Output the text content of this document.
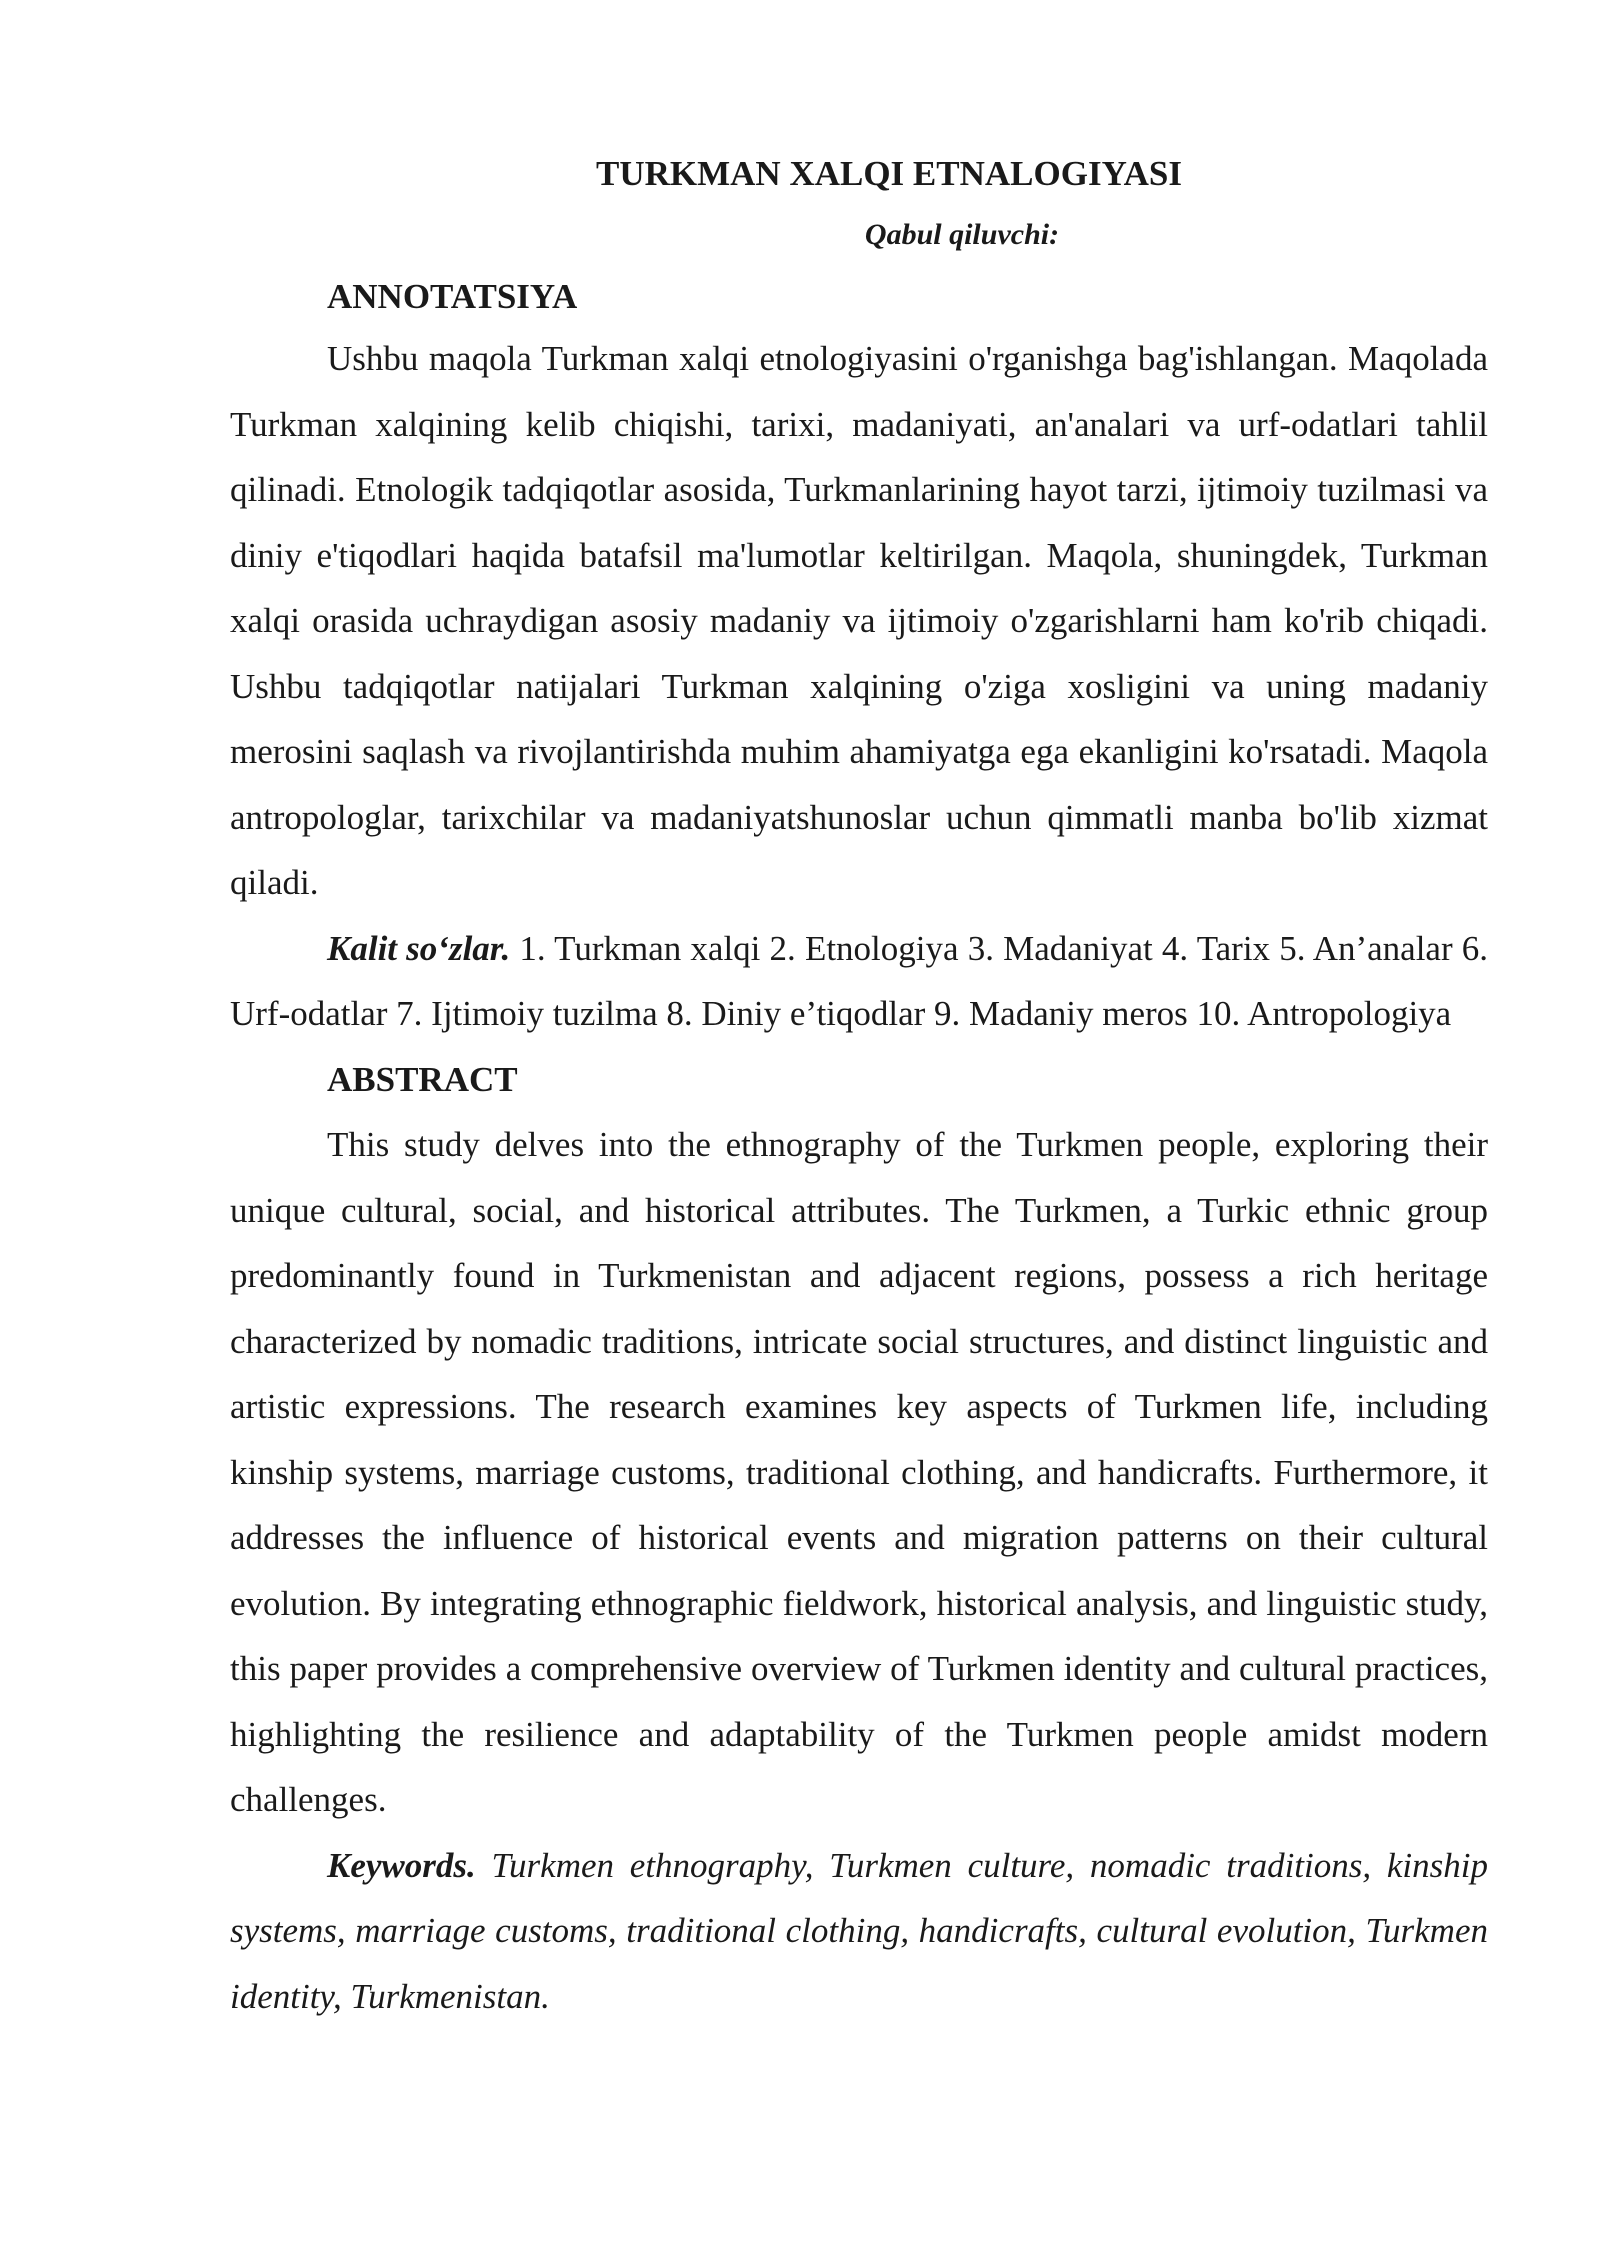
TURKMAN XALQI ETNALOGIYASI

Qabul qiluvchi:

ANNOTATSIYA

Ushbu maqola Turkman xalqi etnologiyasini o'rganishga bag'ishlangan. Maqolada Turkman xalqining kelib chiqishi, tarixi, madaniyati, an'analari va urf-odatlari tahlil qilinadi. Etnologik tadqiqotlar asosida, Turkmanlarining hayot tarzi, ijtimoiy tuzilmasi va diniy e'tiqodlari haqida batafsil ma'lumotlar keltirilgan. Maqola, shuningdek, Turkman xalqi orasida uchraydigan asosiy madaniy va ijtimoiy o'zgarishlarni ham ko'rib chiqadi. Ushbu tadqiqotlar natijalari Turkman xalqining o'ziga xosligini va uning madaniy merosini saqlash va rivojlantirishda muhim ahamiyatga ega ekanligini ko'rsatadi. Maqola antropologlar, tarixchilar va madaniyatshunoslar uchun qimmatli manba bo'lib xizmat qiladi.

Kalit so‘zlar. 1. Turkman xalqi 2. Etnologiya 3. Madaniyat 4. Tarix 5. An’analar 6. Urf-odatlar 7. Ijtimoiy tuzilma 8. Diniy e’tiqodlar 9. Madaniy meros 10. Antropologiya

ABSTRACT

This study delves into the ethnography of the Turkmen people, exploring their unique cultural, social, and historical attributes. The Turkmen, a Turkic ethnic group predominantly found in Turkmenistan and adjacent regions, possess a rich heritage characterized by nomadic traditions, intricate social structures, and distinct linguistic and artistic expressions. The research examines key aspects of Turkmen life, including kinship systems, marriage customs, traditional clothing, and handicrafts. Furthermore, it addresses the influence of historical events and migration patterns on their cultural evolution. By integrating ethnographic fieldwork, historical analysis, and linguistic study, this paper provides a comprehensive overview of Turkmen identity and cultural practices, highlighting the resilience and adaptability of the Turkmen people amidst modern challenges.

Keywords. Turkmen ethnography, Turkmen culture, nomadic traditions, kinship systems, marriage customs, traditional clothing, handicrafts, cultural evolution, Turkmen identity, Turkmenistan.
